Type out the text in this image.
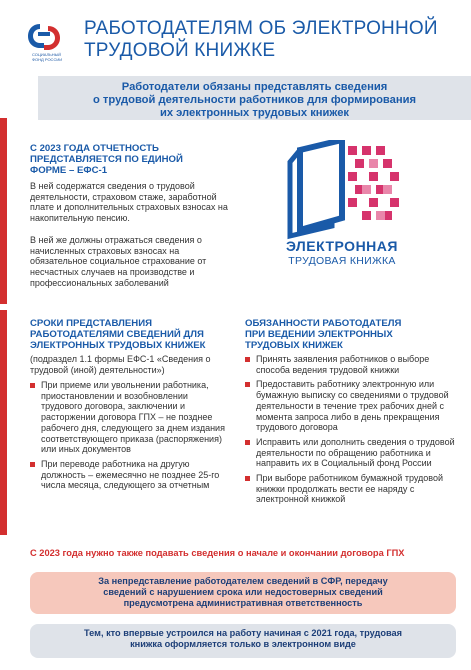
СОЦИАЛЬНЫЙ
ФОНД РОССИИ
РАБОТОДАТЕЛЯМ ОБ ЭЛЕКТРОННОЙ
ТРУДОВОЙ КНИЖКЕ
Работодатели обязаны представлять сведения
о трудовой деятельности работников для формирования
их электронных трудовых книжек
С 2023 ГОДА ОТЧЕТНОСТЬ
ПРЕДСТАВЛЯЕТСЯ ПО ЕДИНОЙ
ФОРМЕ – ЕФС-1
В ней содержатся сведения о трудовой деятельности, страховом стаже, заработной плате и дополнительных страховых взносах на накопительную пенсию.
В ней же должны отражаться сведения о начисленных страховых взносах на обязательное социальное страхование от несчастных случаев на производстве и профессиональных заболеваний
ЭЛЕКТРОННАЯ
ТРУДОВАЯ КНИЖКА
СРОКИ ПРЕДСТАВЛЕНИЯ
РАБОТОДАТЕЛЯМИ СВЕДЕНИЙ ДЛЯ
ЭЛЕКТРОННЫХ ТРУДОВЫХ КНИЖЕК
(подраздел 1.1 формы ЕФС-1 «Сведения о трудовой (иной) деятельности»)
При приеме или увольнении работника, приостановлении и возобновлении трудового договора, заключении и расторжении договора ГПХ – не позднее рабочего дня, следующего за днем издания соответствующего приказа (распоряжения) или иных документов
При переводе работника на другую должность – ежемесячно не позднее 25-го числа месяца, следующего за отчетным
ОБЯЗАННОСТИ РАБОТОДАТЕЛЯ
ПРИ ВЕДЕНИИ ЭЛЕКТРОННЫХ
ТРУДОВЫХ КНИЖЕК
Принять заявления работников о выборе способа ведения трудовой книжки
Предоставить работнику электронную или бумажную выписку со сведениями о трудовой деятельности в течение трех рабочих дней с момента запроса либо в день прекращения трудового договора
Исправить или дополнить сведения о трудовой деятельности по обращению работника и направить их в Социальный фонд России
При выборе работником бумажной трудовой книжки продолжать вести ее наряду с электронной книжкой
С 2023 года нужно также подавать сведения о начале и окончании договора ГПХ
За непредставление работодателем сведений в СФР, передачу
сведений с нарушением срока или недостоверных сведений
предусмотрена административная ответственность
Тем, кто впервые устроился на работу начиная с 2021 года, трудовая
книжка оформляется только в электронном виде
